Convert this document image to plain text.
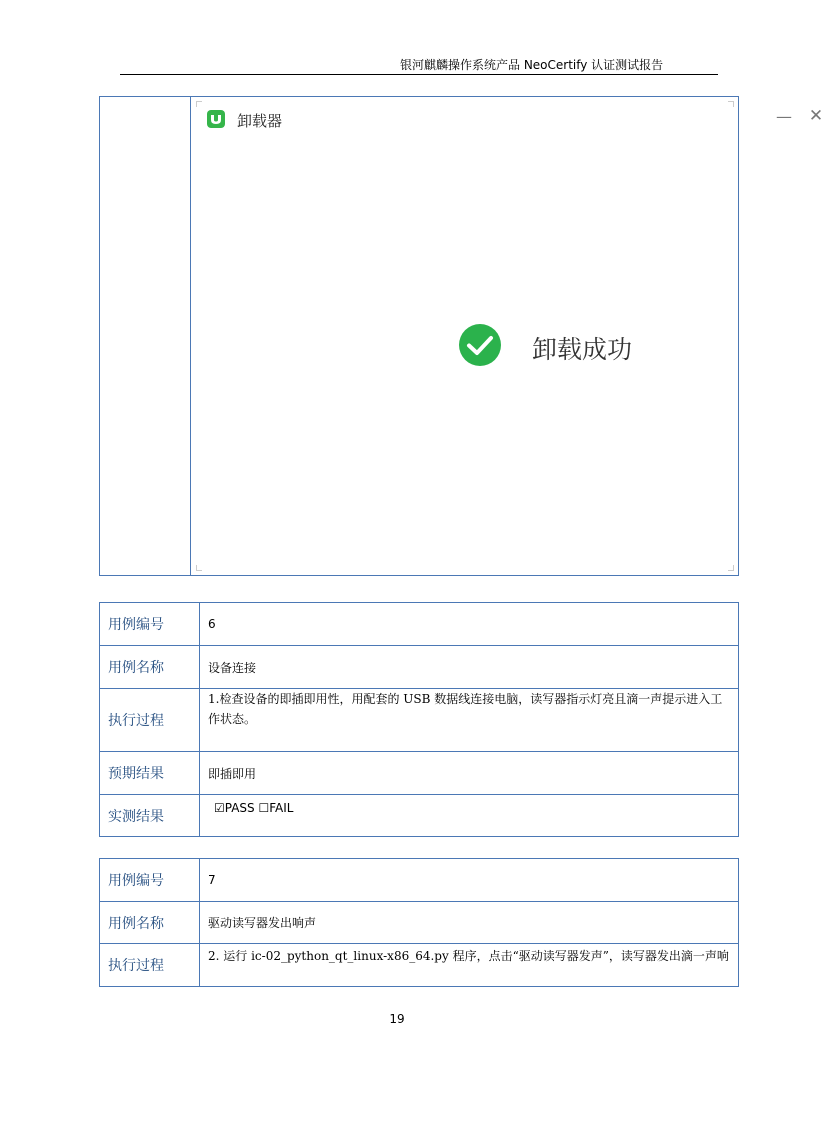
银河麒麟操作系统产品 NeoCertify 认证测试报告
卸载器	— ✕
卸载成功
用例编号	6
用例名称	设备连接
执行过程	1.检查设备的即插即用性，用配套的 USB 数据线连接电脑，读写器指示灯亮且滴一声提示进入工作状态。
预期结果	即插即用
实测结果	☑PASS ☐FAIL
用例编号	7
用例名称	驱动读写器发出响声
执行过程	2. 运行 ic-02_python_qt_linux-x86_64.py 程序，点击“驱动读写器发声”，读写器发出滴一声响
19
